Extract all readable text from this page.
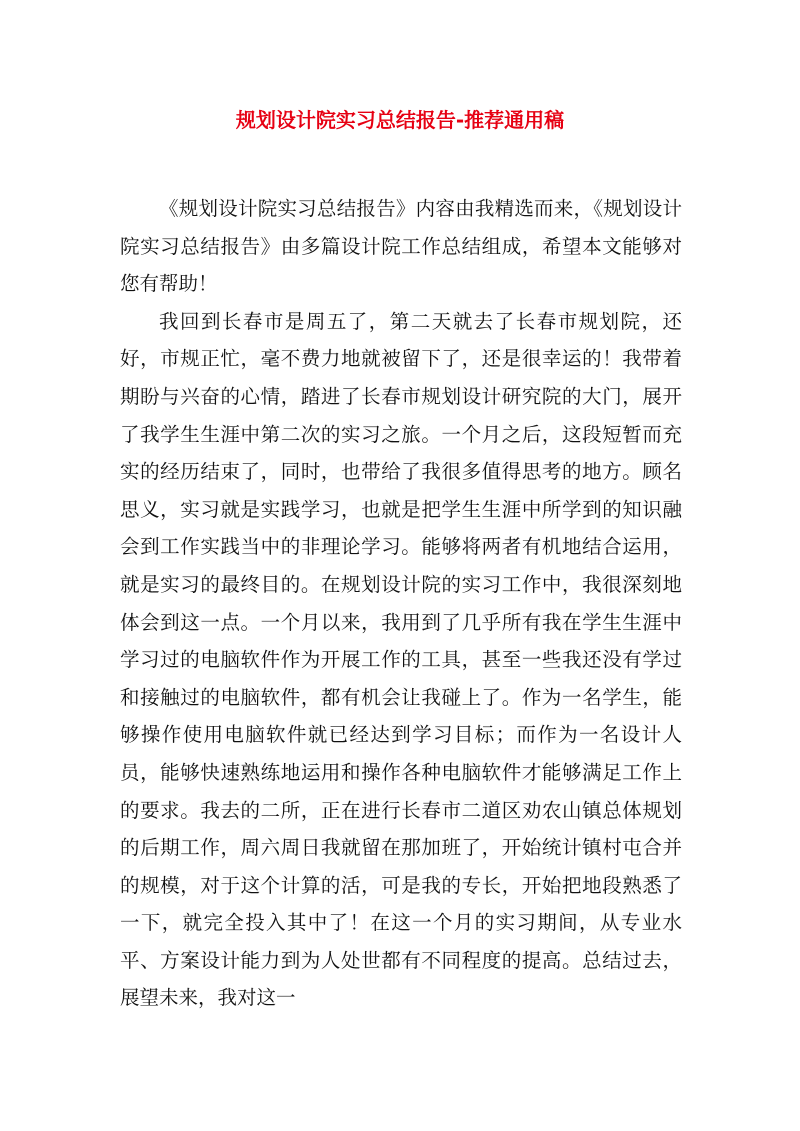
规划设计院实习总结报告-推荐通用稿

《规划设计院实习总结报告》内容由我精选而来，《规划设计院实习总结报告》由多篇设计院工作总结组成，希望本文能够对您有帮助！

我回到长春市是周五了，第二天就去了长春市规划院，还好，市规正忙，毫不费力地就被留下了，还是很幸运的！我带着期盼与兴奋的心情，踏进了长春市规划设计研究院的大门，展开了我学生生涯中第二次的实习之旅。一个月之后，这段短暂而充实的经历结束了，同时，也带给了我很多值得思考的地方。顾名思义，实习就是实践学习，也就是把学生生涯中所学到的知识融会到工作实践当中的非理论学习。能够将两者有机地结合运用，就是实习的最终目的。在规划设计院的实习工作中，我很深刻地体会到这一点。一个月以来，我用到了几乎所有我在学生生涯中学习过的电脑软件作为开展工作的工具，甚至一些我还没有学过和接触过的电脑软件，都有机会让我碰上了。作为一名学生，能够操作使用电脑软件就已经达到学习目标；而作为一名设计人员，能够快速熟练地运用和操作各种电脑软件才能够满足工作上的要求。我去的二所，正在进行长春市二道区劝农山镇总体规划的后期工作，周六周日我就留在那加班了，开始统计镇村屯合并的规模，对于这个计算的活，可是我的专长，开始把地段熟悉了一下，就完全投入其中了！在这一个月的实习期间，从专业水平、方案设计能力到为人处世都有不同程度的提高。总结过去，展望未来，我对这一
